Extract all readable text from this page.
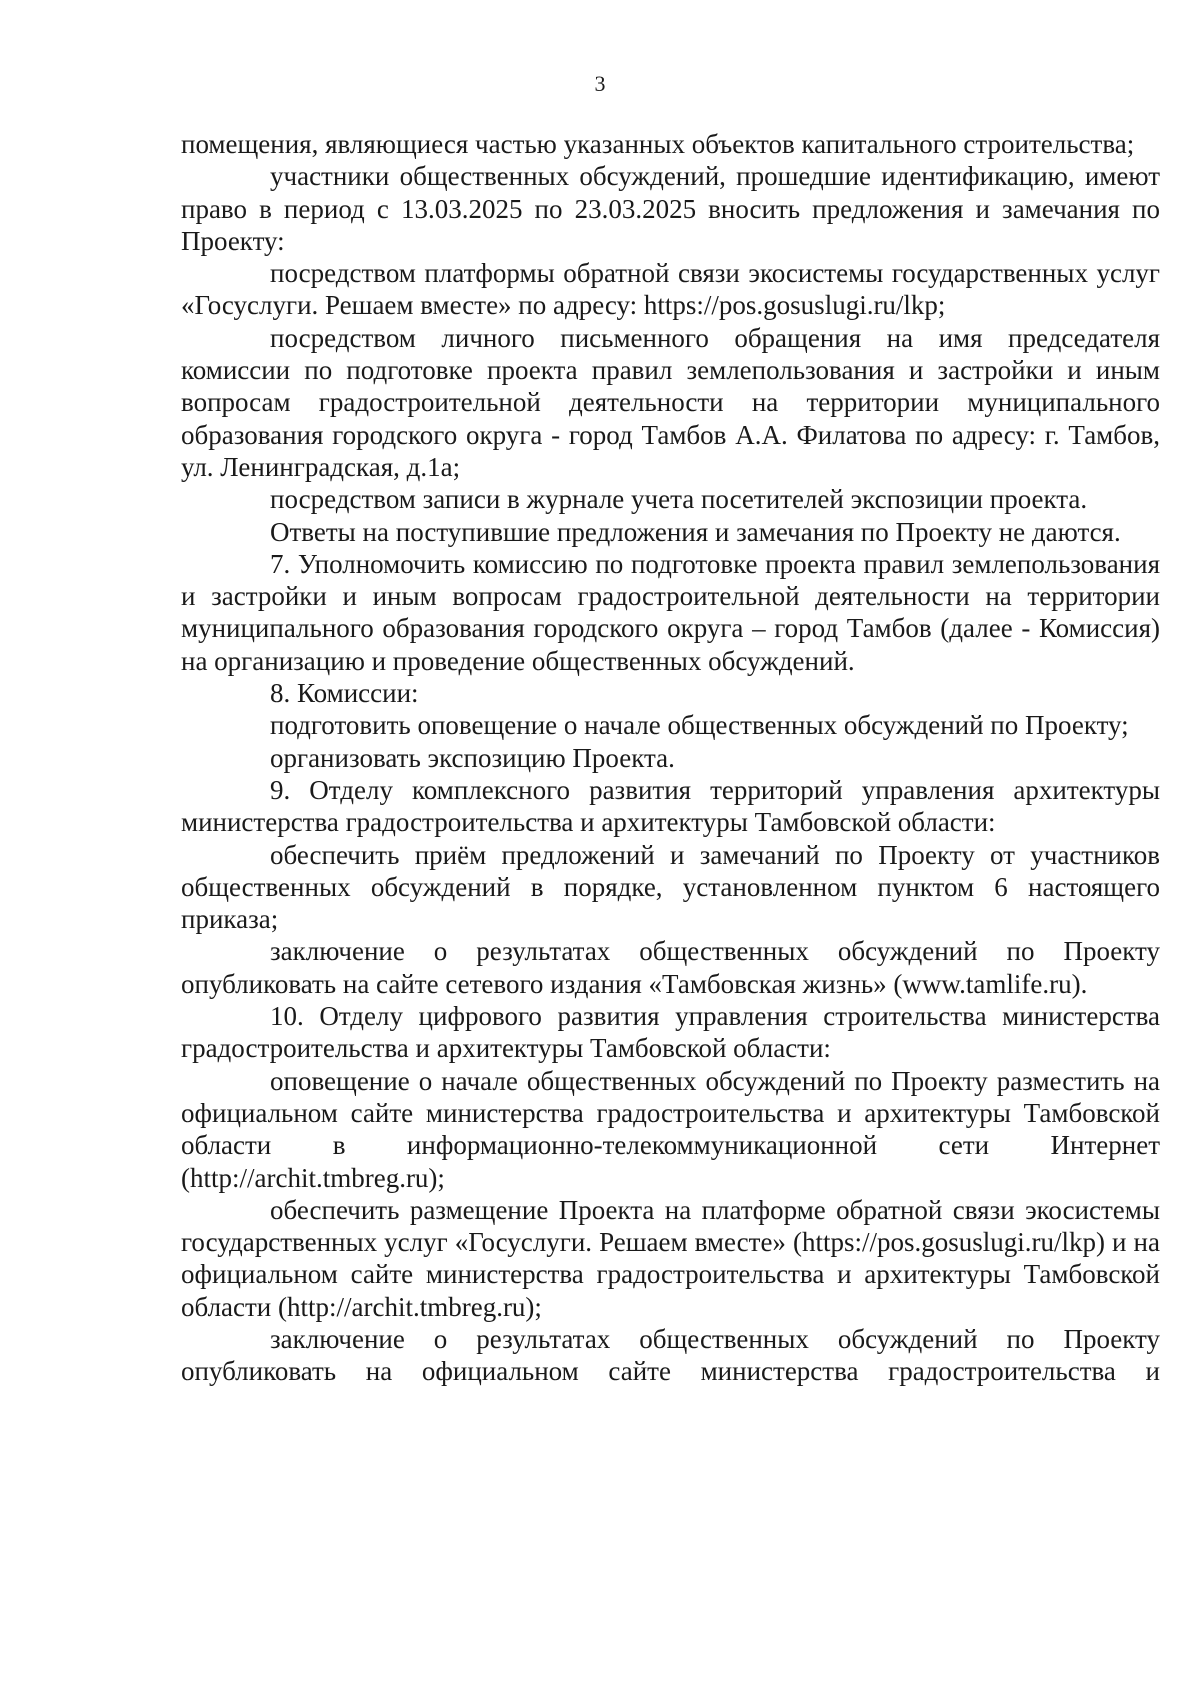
3

помещения, являющиеся частью указанных объектов капитального строительства;

участники общественных обсуждений, прошедшие идентификацию, имеют право в период с 13.03.2025 по 23.03.2025 вносить предложения и замечания по Проекту:

посредством платформы обратной связи экосистемы государственных услуг «Госуслуги. Решаем вместе» по адресу: https://pos.gosuslugi.ru/lkp;

посредством личного письменного обращения на имя председателя комиссии по подготовке проекта правил землепользования и застройки и иным вопросам градостроительной деятельности на территории муниципального образования городского округа - город Тамбов А.А. Филатова по адресу: г. Тамбов, ул. Ленинградская, д.1а;

посредством записи в журнале учета посетителей экспозиции проекта.

Ответы на поступившие предложения и замечания по Проекту не даются.

7. Уполномочить комиссию по подготовке проекта правил землепользования и застройки и иным вопросам градостроительной деятельности на территории муниципального образования городского округа – город Тамбов (далее - Комиссия) на организацию и проведение общественных обсуждений.

8. Комиссии:

подготовить оповещение о начале общественных обсуждений по Проекту;

организовать экспозицию Проекта.

9. Отделу комплексного развития территорий управления архитектуры министерства градостроительства и архитектуры Тамбовской области:

обеспечить приём предложений и замечаний по Проекту от участников общественных обсуждений в порядке, установленном пунктом 6 настоящего приказа;

заключение о результатах общественных обсуждений по Проекту опубликовать на сайте сетевого издания «Тамбовская жизнь» (www.tamlife.ru).

10. Отделу цифрового развития управления строительства министерства градостроительства и архитектуры Тамбовской области:

оповещение о начале общественных обсуждений по Проекту разместить на официальном сайте министерства градостроительства и архитектуры Тамбовской области в информационно-телекоммуникационной сети Интернет (http://archit.tmbreg.ru);

обеспечить размещение Проекта на платформе обратной связи экосистемы государственных услуг «Госуслуги. Решаем вместе» (https://pos.gosuslugi.ru/lkp) и на официальном сайте министерства градостроительства и архитектуры Тамбовской области (http://archit.tmbreg.ru);

заключение о результатах общественных обсуждений по Проекту опубликовать на официальном сайте министерства градостроительства и
